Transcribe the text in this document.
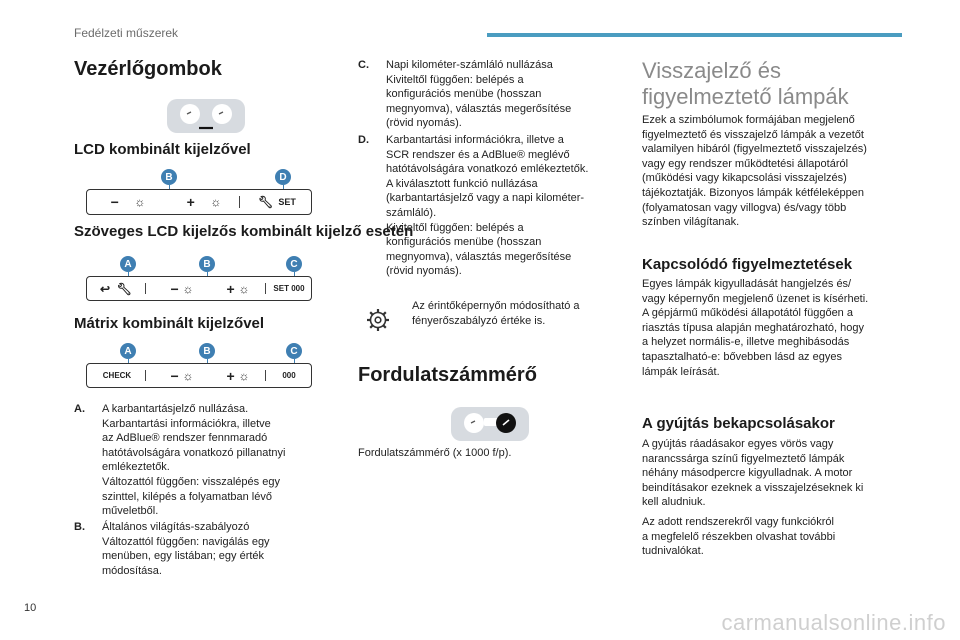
Fedélzeti műszerek
Vezérlőgombok
LCD kombinált kijelzővel
B	D
−
☼	+
☼	🔧︎
SET
Szöveges LCD kijelzős kombinált kijelző esetén
A	B	C
↩
🔧︎	−
☼ +
☼	SET 000
Mátrix kombinált kijelzővel
A	B	C
CHECK	−
☼ +
☼	000
A. A karbantartásjelző nullázása.
Karbantartási információkra, illetve
az AdBlue® rendszer fennmaradó
hatótávolságára vonatkozó pillanatnyi
emlékeztetők.
Változattól függően: visszalépés egy
szinttel, kilépés a folyamatban lévő
műveletből.
B. Általános világítás-szabályozó
Változattól függően: navigálás egy
menüben, egy listában; egy érték
módosítása.
C. Napi kilométer-számláló nullázása
Kiviteltől függően: belépés a
konfigurációs menübe (hosszan
megnyomva), választás megerősítése
(rövid nyomás).
D. Karbantartási információkra, illetve a
SCR rendszer és a AdBlue® meglévő
hatótávolságára vonatkozó emlékeztetők.
A kiválasztott funkció nullázása
(karbantartásjelző vagy a napi kilométer-
számláló).
Kiviteltől függően: belépés a
konfigurációs menübe (hosszan
megnyomva), választás megerősítése
(rövid nyomás).
Az érintőképernyőn módosítható a
fényerőszabályzó értéke is.
Fordulatszámmérő
Fordulatszámmérő (x 1000 f/p).
Visszajelző és figyelmeztető lámpák
Ezek a szimbólumok formájában megjelenő
figyelmeztető és visszajelző lámpák a vezetőt
valamilyen hibáról (figyelmeztető visszajelzés)
vagy egy rendszer működtetési állapotáról
(működési vagy kikapcsolási visszajelzés)
tájékoztatják. Bizonyos lámpák kétféleképpen
(folyamatosan vagy villogva) és/vagy több
színben világítanak.
Kapcsolódó figyelmeztetések
Egyes lámpák kigyulladását hangjelzés és/
vagy képernyőn megjelenő üzenet is kísérheti.
A gépjármű működési állapotától függően a
riasztás típusa alapján meghatározható, hogy
a helyzet normális-e, illetve meghibásodás
tapasztalható-e: bővebben lásd az egyes
lámpák leírását.
A gyújtás bekapcsolásakor
A gyújtás ráadásakor egyes vörös vagy
narancssárga színű figyelmeztető lámpák
néhány másodpercre kigyulladnak. A motor
beindításakor ezeknek a visszajelzéseknek ki
kell aludniuk.
Az adott rendszerekről vagy funkciókról
a megfelelő részekben olvashat további
tudnivalókat.
10
carmanualsonline.info
